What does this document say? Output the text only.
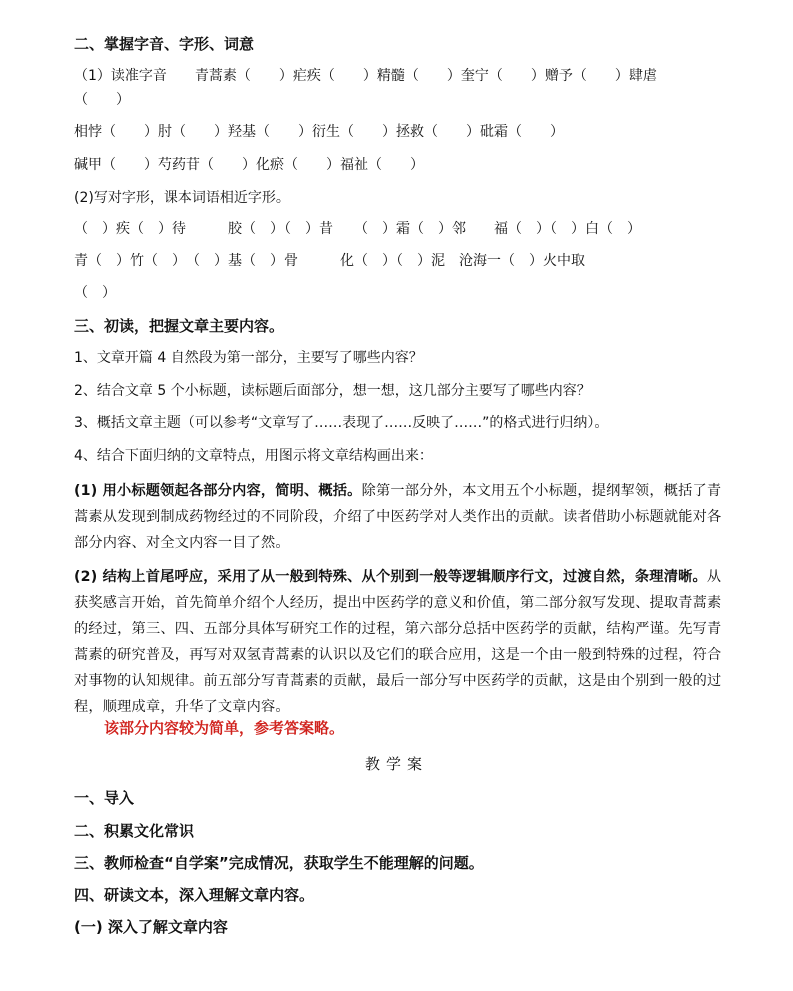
二、掌握字音、字形、词意
（1）读准字音　　青蒿素（　　）疟疾（　　）精髓（　　）奎宁（　　）赠予（　　）肆虐
（　　）
相悖（　　）肘（　　）羟基（　　）衍生（　　）拯救（　　）砒霜（　　）
碱甲（　　）芍药苷（　　）化瘀（　　）福祉（　　）
(2)写对字形，课本词语相近字形。
（　）疾（　）待　　　胶（　）（　）昔　　（　）霜（　）邻　　福（　）（　）白（　）
青（　）竹（　）　（　）基（　）骨　　　化（　）（　）泥　沧海一（　）火中取
（　）
三、初读，把握文章主要内容。
1、文章开篇 4 自然段为第一部分，主要写了哪些内容？
2、结合文章 5 个小标题，读标题后面部分，想一想，这几部分主要写了哪些内容？
3、概括文章主题（可以参考“文章写了……表现了……反映了……”的格式进行归纳）。
4、结合下面归纳的文章特点，用图示将文章结构画出来：
(1) 用小标题领起各部分内容，简明、概括。除第一部分外，本文用五个小标题，提纲挈领，概括了青蒿素从发现到制成药物经过的不同阶段，介绍了中医药学对人类作出的贡献。读者借助小标题就能对各部分内容、对全文内容一目了然。
(2) 结构上首尾呼应，采用了从一般到特殊、从个别到一般等逻辑顺序行文，过渡自然，条理清晰。从获奖感言开始，首先简单介绍个人经历，提出中医药学的意义和价值，第二部分叙写发现、提取青蒿素的经过，第三、四、五部分具体写研究工作的过程，第六部分总括中医药学的贡献，结构严谨。先写青蒿素的研究普及，再写对双氢青蒿素的认识以及它们的联合应用，这是一个由一般到特殊的过程，符合对事物的认知规律。前五部分写青蒿素的贡献，最后一部分写中医药学的贡献，这是由个别到一般的过程，顺理成章，升华了文章内容。
该部分内容较为简单，参考答案略。
教学案
一、导入
二、积累文化常识
三、教师检查“自学案”完成情况，获取学生不能理解的问题。
四、研读文本，深入理解文章内容。
(一) 深入了解文章内容
